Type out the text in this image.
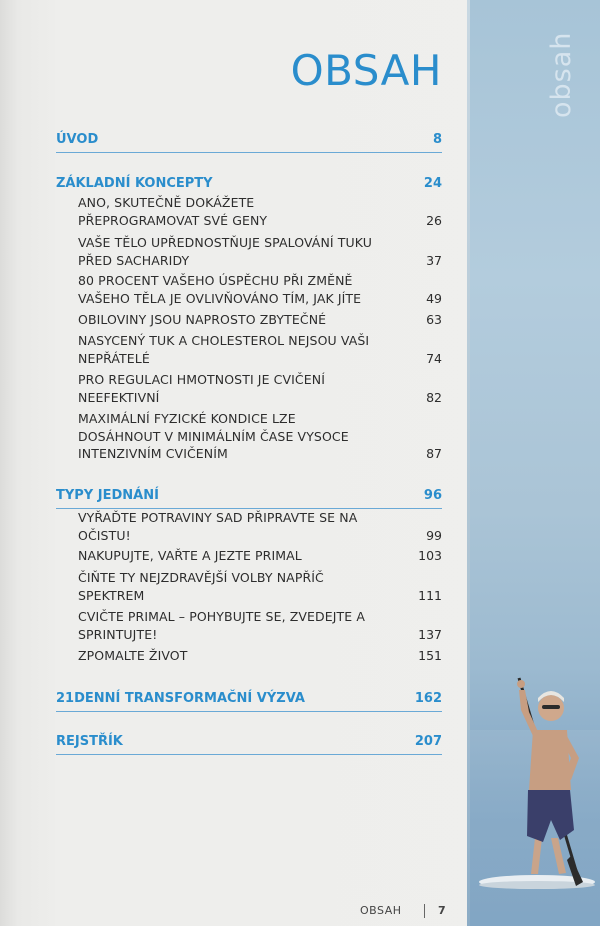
obsah
OBSAH
ÚVOD	8
ZÁKLADNÍ KONCEPTY	24
ANO, SKUTEČNĚ DOKÁŽETE PŘEPROGRAMOVAT SVÉ GENY	26
VAŠE TĚLO UPŘEDNOSTŇUJE SPALOVÁNÍ TUKU PŘED SACHARIDY	37
80 PROCENT VAŠEHO ÚSPĚCHU PŘI ZMĚNĚ VAŠEHO TĚLA JE OVLIVŇOVÁNO TÍM, JAK JÍTE	49
OBILOVINY JSOU NAPROSTO ZBYTEČNÉ	63
NASYCENÝ TUK A CHOLESTEROL NEJSOU VAŠI NEPŘÁTELÉ	74
PRO REGULACI HMOTNOSTI JE CVIČENÍ NEEFEKTIVNÍ	82
MAXIMÁLNÍ FYZICKÉ KONDICE LZE DOSÁHNOUT V MINIMÁLNÍM ČASE VYSOCE INTENZIVNÍM CVIČENÍM	87
TYPY JEDNÁNÍ	96
VYŘAĎTE POTRAVINY SAD PŘIPRAVTE SE NA OČISTU!	99
NAKUPUJTE, VAŘTE A JEZTE PRIMAL	103
ČIŇTE TY NEJZDRAVĚJŠÍ VOLBY NAPŘÍČ SPEKTREM	111
CVIČTE PRIMAL – POHYBUJTE SE, ZVEDEJTE A SPRINTUJTE!	137
ZPOMALTE ŽIVOT	151
21DENNÍ TRANSFORMAČNÍ VÝZVA	162
REJSTŘÍK	207
OBSAH	7
